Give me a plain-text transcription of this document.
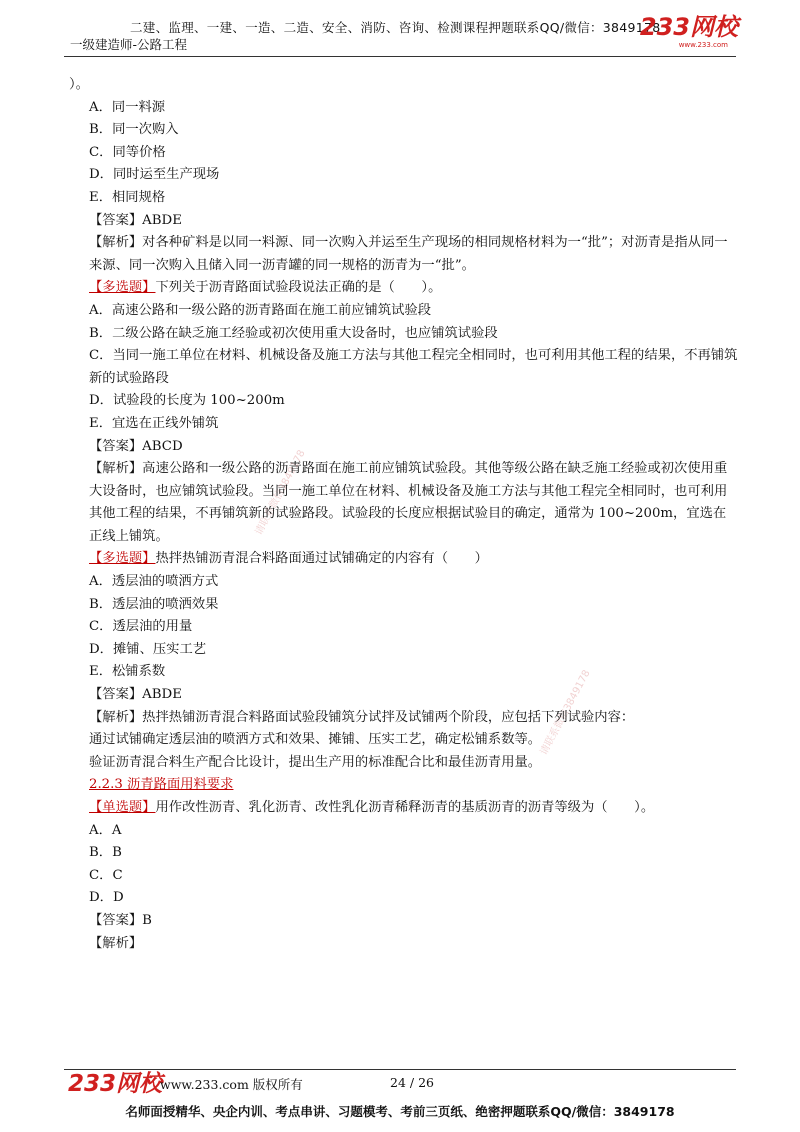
二建、监理、一建、一造、二造、安全、消防、咨询、检测课程押题联系QQ/微信：3849178
一级建造师-公路工程
233网校
www.233.com
请联系微信3849178
请联系微信3849178

）。

A．同一料源

B．同一次购入

C．同等价格

D．同时运至生产现场

E．相同规格

【答案】ABDE

【解析】对各种矿料是以同一料源、同一次购入并运至生产现场的相同规格材料为一“批”；对沥青是指从同一来源、同一次购入且储入同一沥青罐的同一规格的沥青为一“批”。

【多选题】下列关于沥青路面试验段说法正确的是（　　）。

A．高速公路和一级公路的沥青路面在施工前应铺筑试验段

B．二级公路在缺乏施工经验或初次使用重大设备时，也应铺筑试验段

C．当同一施工单位在材料、机械设备及施工方法与其他工程完全相同时，也可利用其他工程的结果，不再铺筑新的试验路段

D．试验段的长度为 100~200m

E．宜选在正线外铺筑

【答案】ABCD

【解析】高速公路和一级公路的沥青路面在施工前应铺筑试验段。其他等级公路在缺乏施工经验或初次使用重大设备时，也应铺筑试验段。当同一施工单位在材料、机械设备及施工方法与其他工程完全相同时，也可利用其他工程的结果，不再铺筑新的试验路段。试验段的长度应根据试验目的确定，通常为 100~200m，宜选在正线上铺筑。

【多选题】热拌热铺沥青混合料路面通过试铺确定的内容有（　　）

A．透层油的喷洒方式

B．透层油的喷洒效果

C．透层油的用量

D．摊铺、压实工艺

E．松铺系数

【答案】ABDE

【解析】热拌热铺沥青混合料路面试验段铺筑分试拌及试铺两个阶段，应包括下列试验内容：

通过试铺确定透层油的喷洒方式和效果、摊铺、压实工艺，确定松铺系数等。

验证沥青混合料生产配合比设计，提出生产用的标准配合比和最佳沥青用量。

2.2.3 沥青路面用料要求

【单选题】用作改性沥青、乳化沥青、改性乳化沥青稀释沥青的基质沥青的沥青等级为（　　）。

A．A

B．B

C．C

D．D

【答案】B

【解析】

233网校
www.233.com 版权所有	24 / 26
名师面授精华、央企内训、考点串讲、习题模考、考前三页纸、绝密押题联系QQ/微信：3849178
